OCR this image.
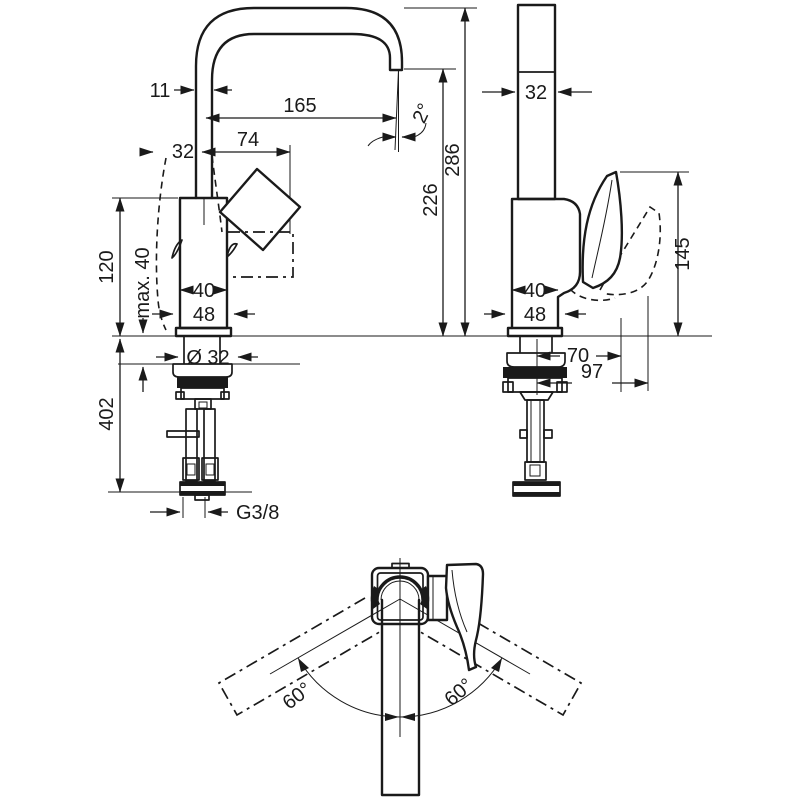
11
165	2°
32
74
120 max. 40 40
48
Ø 32
402
G3/8
226
286
32
145
40
48
70
97
60°	60°
